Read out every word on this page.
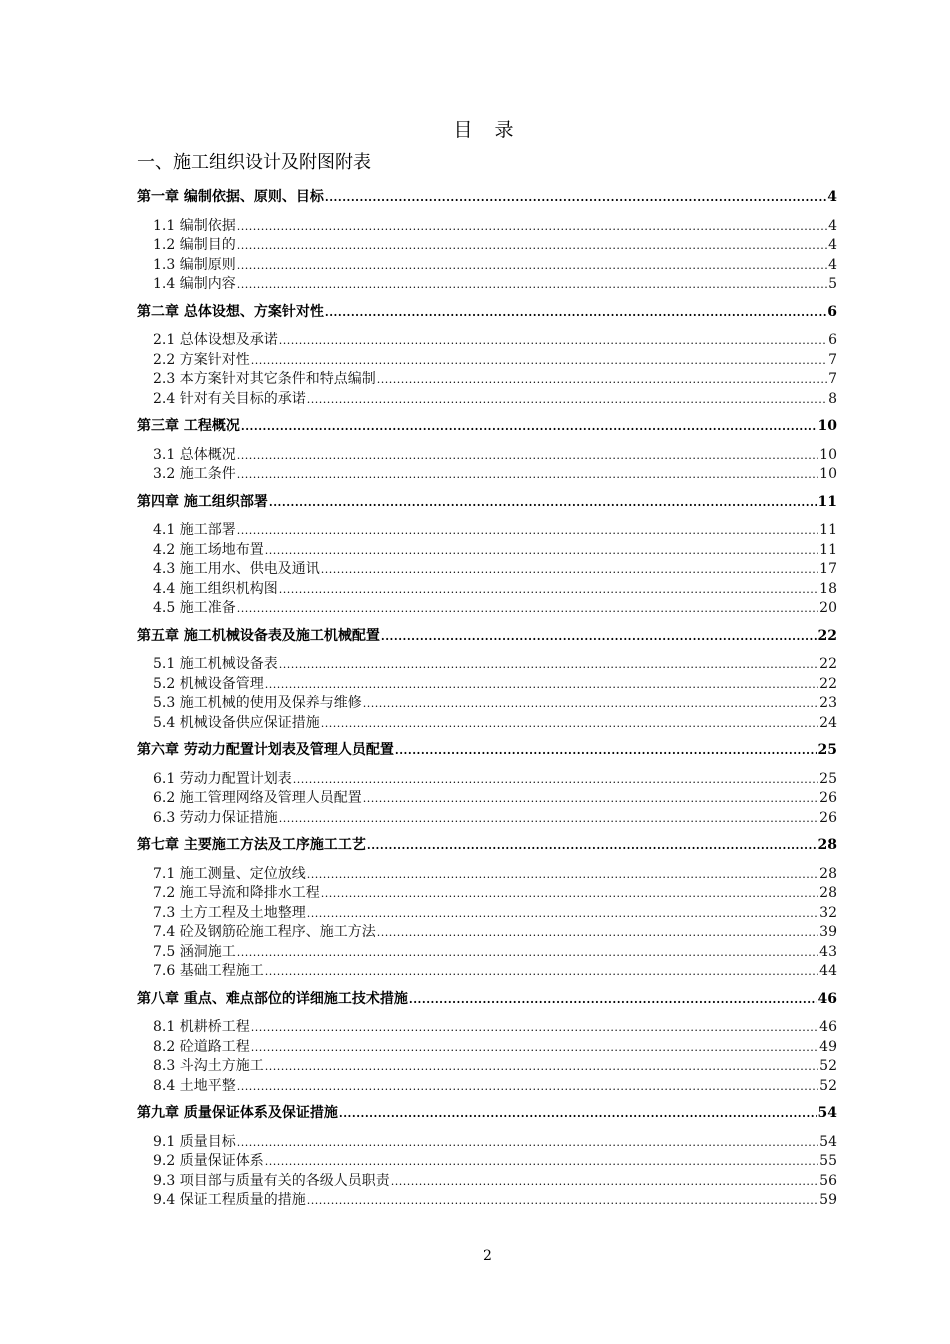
目 录
一、施工组织设计及附图附表
第一章 编制依据、原则、目标 .....	4
1.1 编制依据 .....	4
1.2 编制目的 .....	4
1.3 编制原则 .....	4
1.4 编制内容 .....	5
第二章 总体设想、方案针对性 .....	6
2.1 总体设想及承诺 .....	6
2.2 方案针对性 .....	7
2.3 本方案针对其它条件和特点编制 .....	7
2.4 针对有关目标的承诺 .....	8
第三章 工程概况 .....	10
3.1 总体概况 .....	10
3.2 施工条件 .....	10
第四章 施工组织部署 .....	11
4.1 施工部署 .....	11
4.2 施工场地布置 .....	11
4.3 施工用水、供电及通讯 .....	17
4.4 施工组织机构图 .....	18
4.5 施工准备 .....	20
第五章 施工机械设备表及施工机械配置 .....	22
5.1 施工机械设备表 .....	22
5.2 机械设备管理 .....	22
5.3 施工机械的使用及保养与维修 .....	23
5.4 机械设备供应保证措施 .....	24
第六章 劳动力配置计划表及管理人员配置 .....	25
6.1 劳动力配置计划表 .....	25
6.2 施工管理网络及管理人员配置 .....	26
6.3 劳动力保证措施 .....	26
第七章 主要施工方法及工序施工工艺 .....	28
7.1 施工测量、定位放线 .....	28
7.2 施工导流和降排水工程 .....	28
7.3 土方工程及土地整理 .....	32
7.4 砼及钢筋砼施工程序、施工方法 .....	39
7.5 涵洞施工 .....	43
7.6 基础工程施工 .....	44
第八章 重点、难点部位的详细施工技术措施 .....	46
8.1 机耕桥工程 .....	46
8.2 砼道路工程 .....	49
8.3 斗沟土方施工 .....	52
8.4 土地平整 .....	52
第九章 质量保证体系及保证措施 .....	54
9.1 质量目标 .....	54
9.2 质量保证体系 .....	55
9.3 项目部与质量有关的各级人员职责 .....	56
9.4 保证工程质量的措施 .....	59
2
